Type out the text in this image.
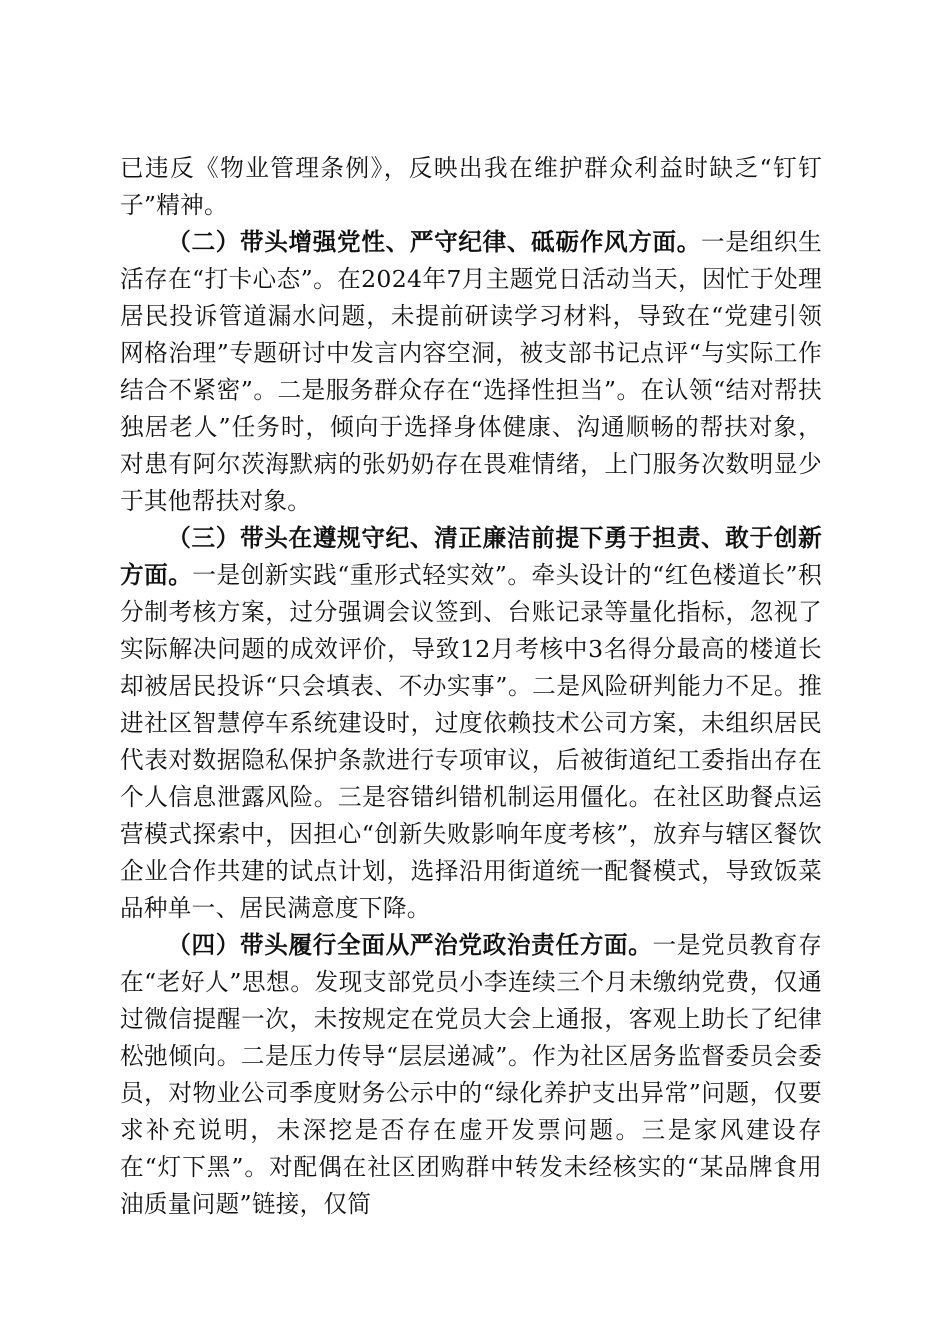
已违反《物业管理条例》，反映出我在维护群众利益时缺乏“钉钉子”精神。

（二）带头增强党性、严守纪律、砥砺作风方面。一是组织生活存在“打卡心态”。在2024年7月主题党日活动当天，因忙于处理居民投诉管道漏水问题，未提前研读学习材料，导致在“党建引领网格治理”专题研讨中发言内容空洞，被支部书记点评“与实际工作结合不紧密”。二是服务群众存在“选择性担当”。在认领“结对帮扶独居老人”任务时，倾向于选择身体健康、沟通顺畅的帮扶对象，对患有阿尔茨海默病的张奶奶存在畏难情绪，上门服务次数明显少于其他帮扶对象。

（三）带头在遵规守纪、清正廉洁前提下勇于担责、敢于创新方面。一是创新实践“重形式轻实效”。牵头设计的“红色楼道长”积分制考核方案，过分强调会议签到、台账记录等量化指标，忽视了实际解决问题的成效评价，导致12月考核中3名得分最高的楼道长却被居民投诉“只会填表、不办实事”。二是风险研判能力不足。推进社区智慧停车系统建设时，过度依赖技术公司方案，未组织居民代表对数据隐私保护条款进行专项审议，后被街道纪工委指出存在个人信息泄露风险。三是容错纠错机制运用僵化。在社区助餐点运营模式探索中，因担心“创新失败影响年度考核”，放弃与辖区餐饮企业合作共建的试点计划，选择沿用街道统一配餐模式，导致饭菜品种单一、居民满意度下降。

（四）带头履行全面从严治党政治责任方面。一是党员教育存在“老好人”思想。发现支部党员小李连续三个月未缴纳党费，仅通过微信提醒一次，未按规定在党员大会上通报，客观上助长了纪律松弛倾向。二是压力传导“层层递减”。作为社区居务监督委员会委员，对物业公司季度财务公示中的“绿化养护支出异常”问题，仅要求补充说明，未深挖是否存在虚开发票问题。三是家风建设存在“灯下黑”。对配偶在社区团购群中转发未经核实的“某品牌食用油质量问题”链接，仅简
